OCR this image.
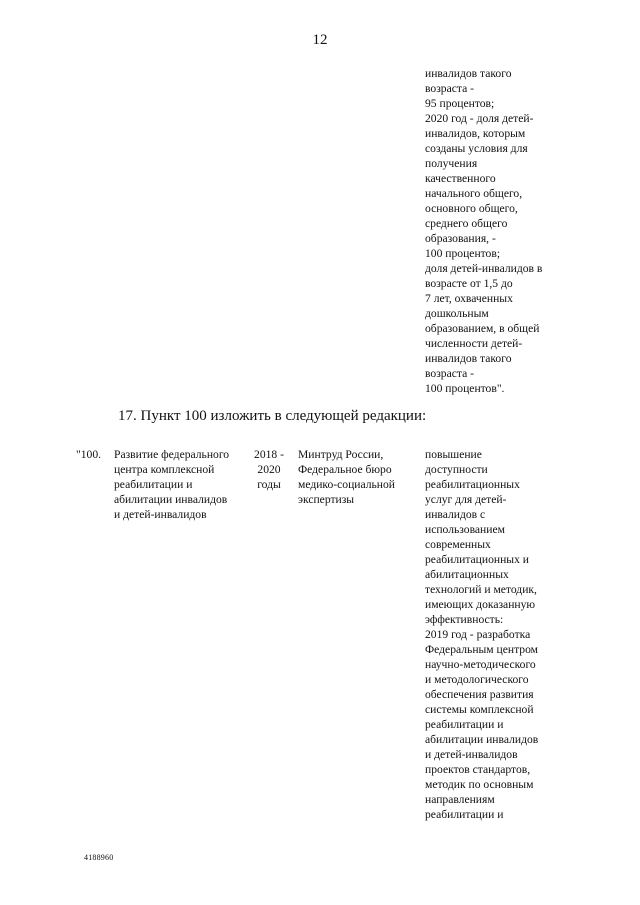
12
инвалидов такого
возраста -
95 процентов;
2020 год - доля детей-
инвалидов, которым
созданы условия для
получения
качественного
начального общего,
основного общего,
среднего общего
образования, -
100 процентов;
доля детей-инвалидов в
возрасте от 1,5 до
7 лет, охваченных
дошкольным
образованием, в общей
численности детей-
инвалидов такого
возраста -
100 процентов".
17. Пункт 100 изложить в следующей редакции:
"100. Развитие федерального
центра комплексной
реабилитации и
абилитации инвалидов
и детей-инвалидов
2018 -
2020
годы
Минтруд России,
Федеральное бюро
медико-социальной
экспертизы
повышение
доступности
реабилитационных
услуг для детей-
инвалидов с
использованием
современных
реабилитационных и
абилитационных
технологий и методик,
имеющих доказанную
эффективность:
2019 год - разработка
Федеральным центром
научно-методического
и методологического
обеспечения развития
системы комплексной
реабилитации и
абилитации инвалидов
и детей-инвалидов
проектов стандартов,
методик по основным
направлениям
реабилитации и
4188960
